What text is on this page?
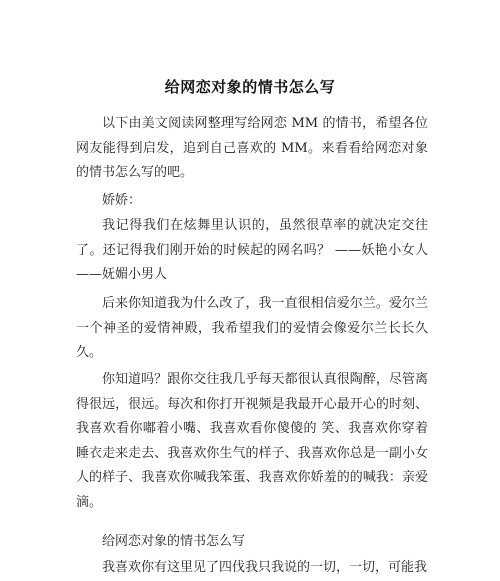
给网恋对象的情书怎么写
以下由美文阅读网整理写给网恋 MM 的情书，希望各位网友能得到启发，追到自己喜欢的 MM。来看看给网恋对象的情书怎么写的吧。
娇娇：
我记得我们在炫舞里认识的，虽然很草率的就决定交往了。还记得我们刚开始的时候起的网名吗？ ——妖艳小女人——妩媚小男人
后来你知道我为什么改了，我一直很相信爱尔兰。爱尔兰一个神圣的爱情神殿，我希望我们的爱情会像爱尔兰长长久久。
你知道吗？跟你交往我几乎每天都很认真很陶醉，尽管离得很远，很远。每次和你打开视频是我最开心最开心的时刻、我喜欢看你嘟着小嘴、我喜欢看你傻傻的 笑、我喜欢你穿着睡衣走来走去、我喜欢你生气的样子、我喜欢你总是一副小女人的样子、我喜欢你喊我笨蛋、我喜欢你娇羞的的喊我：亲爱滴。
给网恋对象的情书怎么写
我喜欢你有这里见了四伐我只我说的一切，一切，可能我
